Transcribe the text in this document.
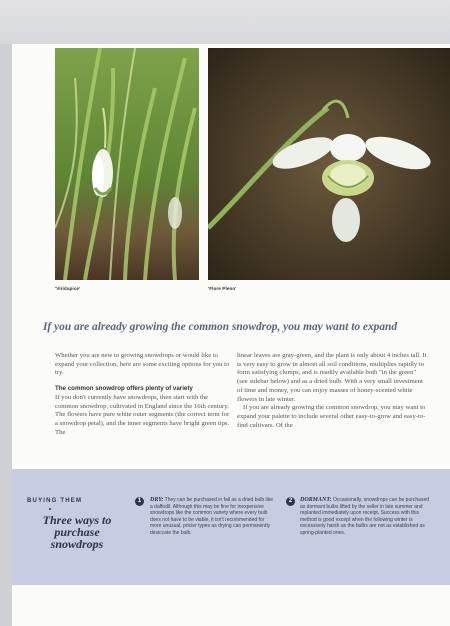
'Viridapice'	'Flore Pleno'
If you are already growing the common snowdrop, you may want to expand

Whether you are new to growing snowdrops or would like to expand your collection, here are some exciting options for you to try.

The common snowdrop offers plenty of variety

If you don't currently have snowdrops, then start with the common snowdrop, cultivated in England since the 16th century. The flowers have pure white outer segments (the correct term for a snowdrop petal), and the inner segments have bright green tips. The

linear leaves are gray-green, and the plant is only about 4 inches tall. It is very easy to grow in almost all soil conditions, multiplies rapidly to form satisfying clumps, and is readily available both "in the green" (see sidebar below) and as a dried bulb. With a very small investment of time and money, you can enjoy masses of honey-scented white flowers in late winter.

If you are already growing the common snowdrop, you may want to expand your palette to include several other easy-to-grow and easy-to-find cultivars. Of the

BUYING THEM
Three ways to purchase snowdrops
1	DRY: They can be purchased in fall as a dried bulb like a daffodil. Although this may be fine for inexpensive snowdrops like the common variety where every bulb does not have to be viable, it isn't recommended for more unusual, pricier types as drying can permanently desiccate the bulb.
2	DORMANT: Occasionally, snowdrops can be purchased as dormant bulbs lifted by the seller in late summer and replanted immediately upon receipt. Success with this method is good except when the following winter is excessively harsh as the bulbs are not as established as spring-planted ones.
